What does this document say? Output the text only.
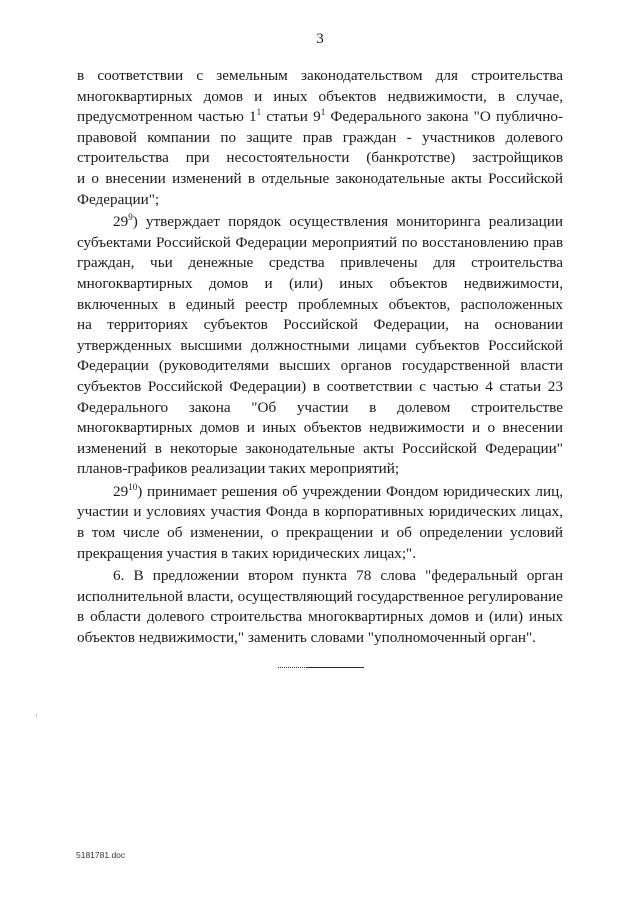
3
в соответствии с земельным законодательством для строительства
многоквартирных домов и иных объектов недвижимости, в случае,
предусмотренном частью $1^1$ статьи $9^1$ Федерального закона "О публично-
правовой компании по защите прав граждан - участников долевого
строительства при несостоятельности (банкротстве) застройщиков
и о внесении изменений в отдельные законодательные акты Российской
Федерации";
$29^9$) утверждает порядок осуществления мониторинга реализации
субъектами Российской Федерации мероприятий по восстановлению прав
граждан, чьи денежные средства привлечены для строительства
многоквартирных домов и (или) иных объектов недвижимости,
включенных в единый реестр проблемных объектов, расположенных
на территориях субъектов Российской Федерации, на основании
утвержденных высшими должностными лицами субъектов Российской
Федерации (руководителями высших органов государственной власти
субъектов Российской Федерации) в соответствии с частью 4 статьи 23
Федерального закона "Об участии в долевом строительстве
многоквартирных домов и иных объектов недвижимости и о внесении
изменений в некоторые законодательные акты Российской Федерации"
планов-графиков реализации таких мероприятий;
$29^{10}$) принимает решения об учреждении Фондом юридических лиц,
участии и условиях участия Фонда в корпоративных юридических лицах,
в том числе об изменении, о прекращении и об определении условий
прекращения участия в таких юридических лицах;".
6. В предложении втором пункта 78 слова "федеральный орган
исполнительной власти, осуществляющий государственное регулирование
в области долевого строительства многоквартирных домов и (или) иных
объектов недвижимости," заменить словами "уполномоченный орган".
5181781.doc
